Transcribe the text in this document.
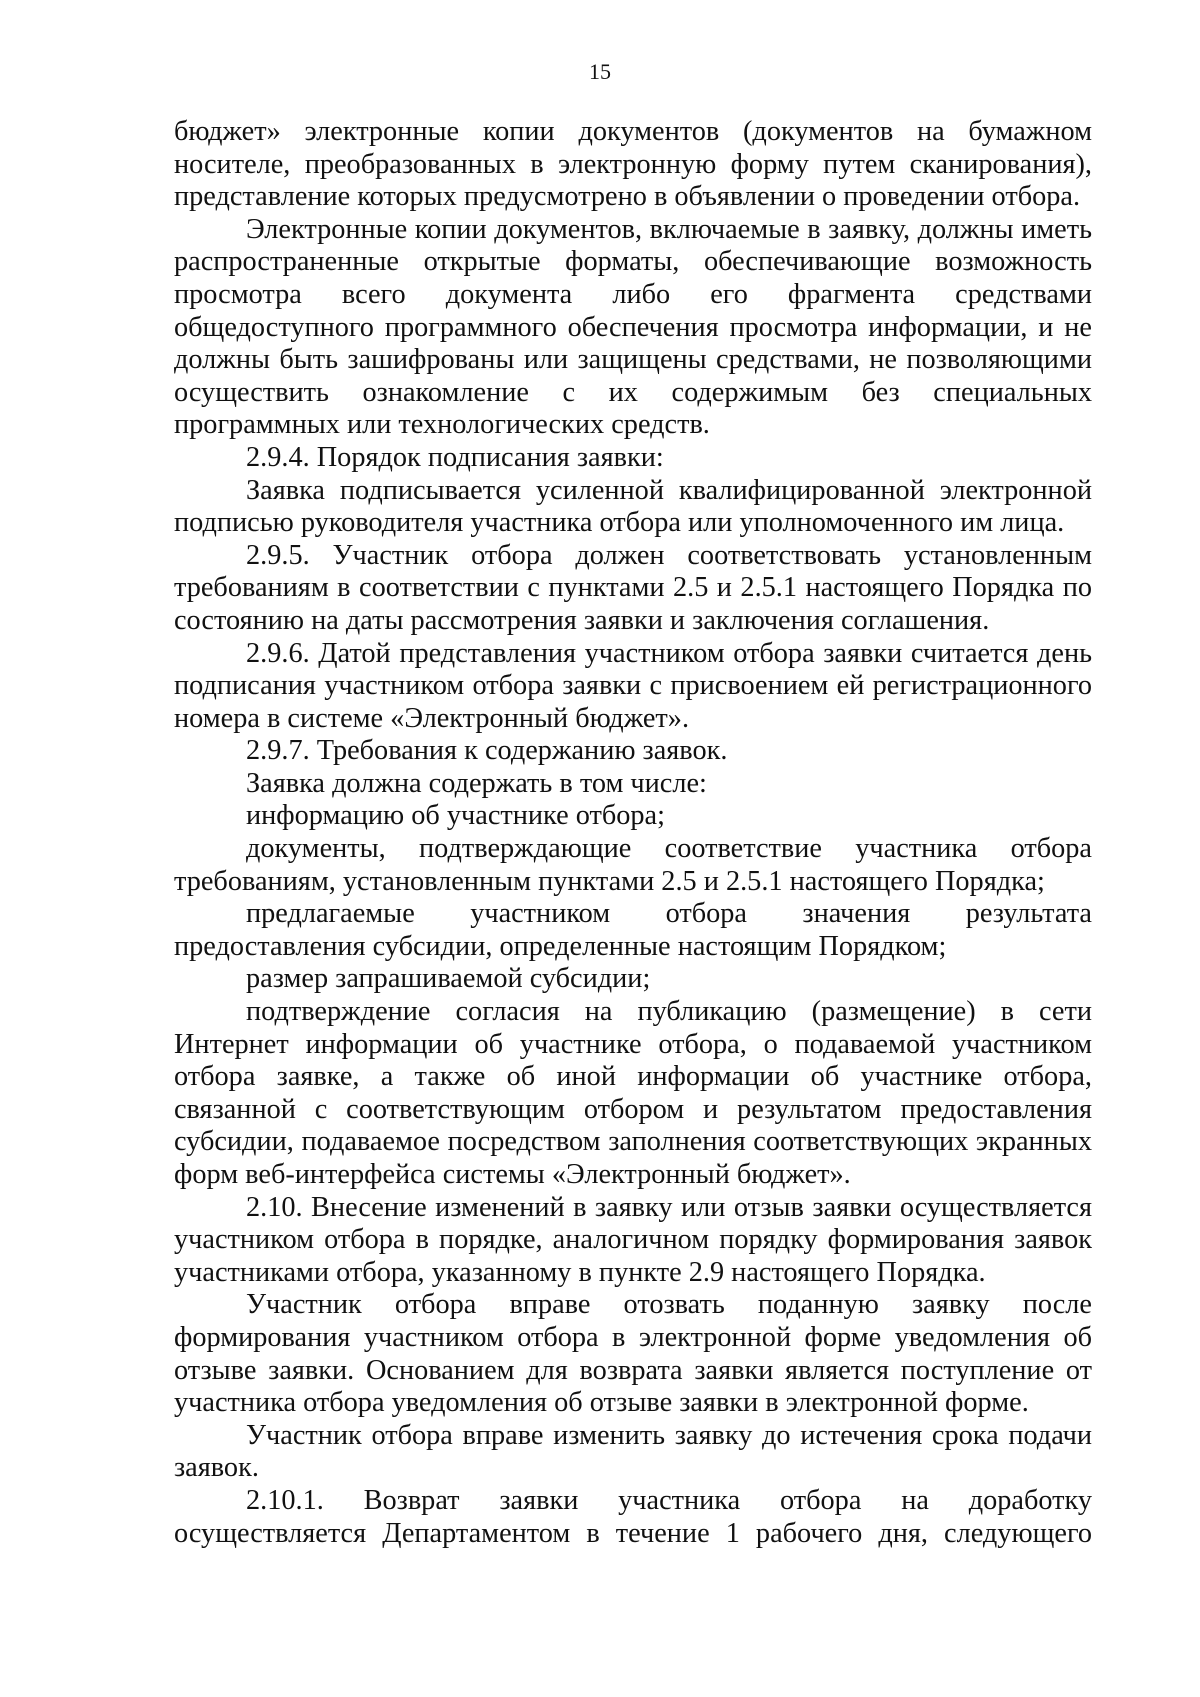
15

бюджет» электронные копии документов (документов на бумажном носителе, преобразованных в электронную форму путем сканирования), представление которых предусмотрено в объявлении о проведении отбора.

Электронные копии документов, включаемые в заявку, должны иметь распространенные открытые форматы, обеспечивающие возможность просмотра всего документа либо его фрагмента средствами общедоступного программного обеспечения просмотра информации, и не должны быть зашифрованы или защищены средствами, не позволяющими осуществить ознакомление с их содержимым без специальных программных или технологических средств.

2.9.4. Порядок подписания заявки:

Заявка подписывается усиленной квалифицированной электронной подписью руководителя участника отбора или уполномоченного им лица.

2.9.5. Участник отбора должен соответствовать установленным требованиям в соответствии с пунктами 2.5 и 2.5.1 настоящего Порядка по состоянию на даты рассмотрения заявки и заключения соглашения.

2.9.6. Датой представления участником отбора заявки считается день подписания участником отбора заявки с присвоением ей регистрационного номера в системе «Электронный бюджет».

2.9.7. Требования к содержанию заявок.

Заявка должна содержать в том числе:

информацию об участнике отбора;

документы, подтверждающие соответствие участника отбора требованиям, установленным пунктами 2.5 и 2.5.1 настоящего Порядка;

предлагаемые участником отбора значения результата предоставления субсидии, определенные настоящим Порядком;

размер запрашиваемой субсидии;

подтверждение согласия на публикацию (размещение) в сети Интернет информации об участнике отбора, о подаваемой участником отбора заявке, а также об иной информации об участнике отбора, связанной с соответствующим отбором и результатом предоставления субсидии, подаваемое посредством заполнения соответствующих экранных форм веб-интерфейса системы «Электронный бюджет».

2.10. Внесение изменений в заявку или отзыв заявки осуществляется участником отбора в порядке, аналогичном порядку формирования заявок участниками отбора, указанному в пункте 2.9 настоящего Порядка.

Участник отбора вправе отозвать поданную заявку после формирования участником отбора в электронной форме уведомления об отзыве заявки. Основанием для возврата заявки является поступление от участника отбора уведомления об отзыве заявки в электронной форме.

Участник отбора вправе изменить заявку до истечения срока подачи заявок.

2.10.1. Возврат заявки участника отбора на доработку осуществляется Департаментом в течение 1 рабочего дня, следующего
